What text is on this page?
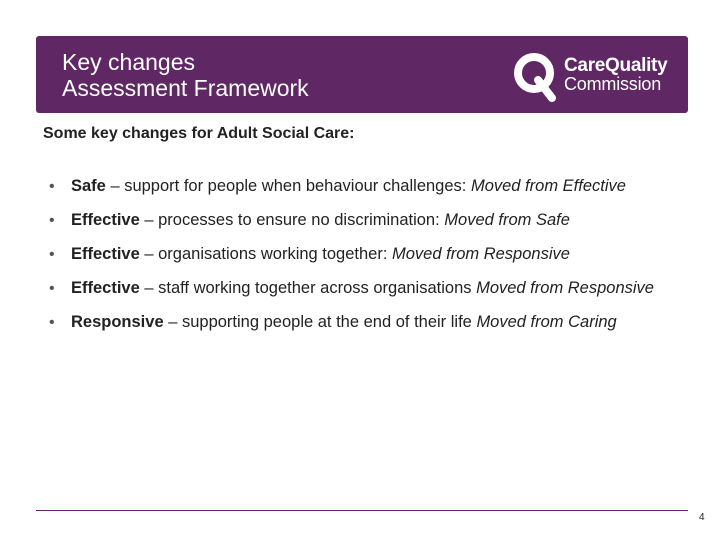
Key changes
Assessment Framework
CareQuality
Commission
Some key changes for Adult Social Care:
• Safe – support for people when behaviour challenges: Moved from Effective
• Effective – processes to ensure no discrimination: Moved from Safe
• Effective – organisations working together: Moved from Responsive
• Effective – staff working together across organisations Moved from Responsive
• Responsive – supporting people at the end of their life Moved from Caring
4
